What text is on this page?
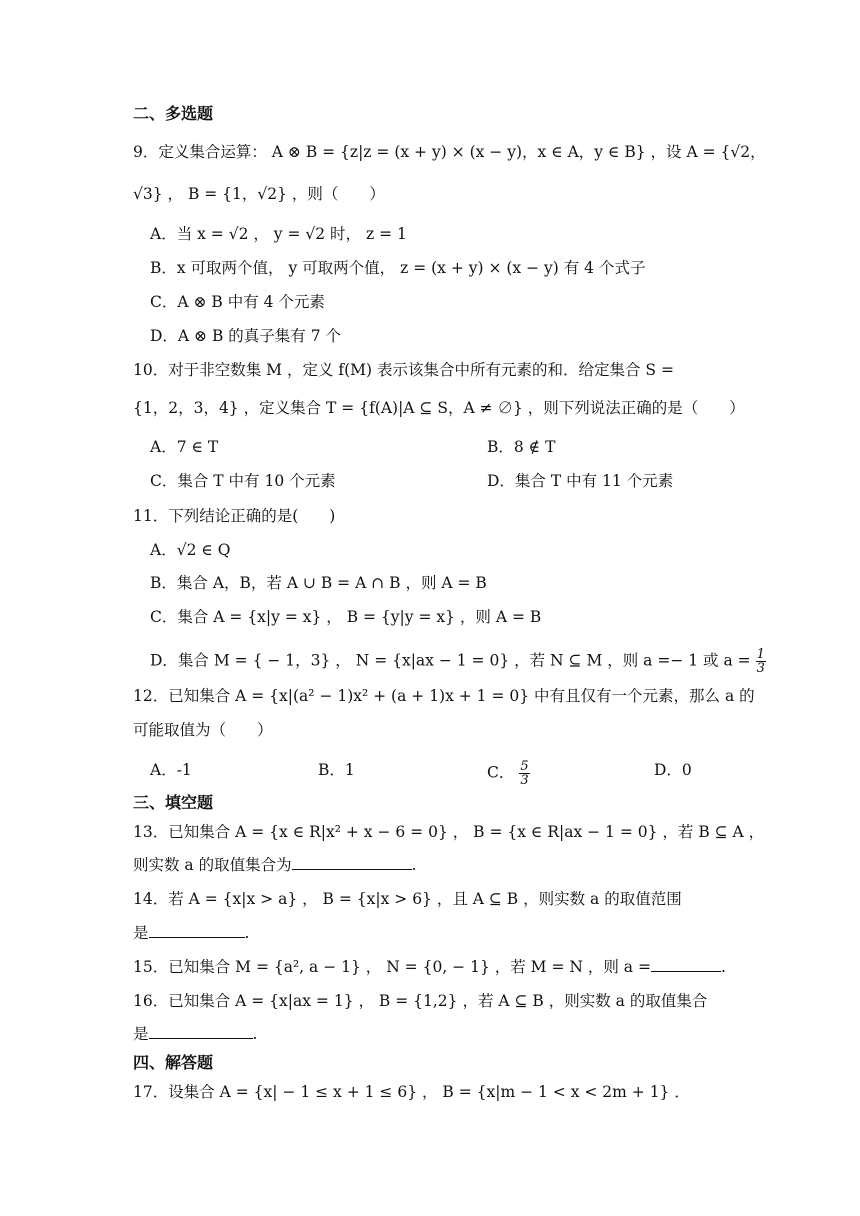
二、多选题
9．定义集合运算： A ⊗ B = {z|z = (x + y) × (x − y)，x ∈ A，y ∈ B} ，设 A = {√2，
√3} ， B = {1，√2} ，则（　　）
A．当 x = √2 ， y = √2 时， z = 1
B．x 可取两个值， y 可取两个值， z = (x + y) × (x − y) 有 4 个式子
C．A ⊗ B 中有 4 个元素
D．A ⊗ B 的真子集有 7 个
10．对于非空数集 M ，定义 f(M) 表示该集合中所有元素的和．给定集合 S =
{1，2，3，4} ，定义集合 T = {f(A)|A ⊆ S，A ≠ ∅} ，则下列说法正确的是（　　）
A．7 ∈ T	B．8 ∉ T
C．集合 T 中有 10 个元素	D．集合 T 中有 11 个元素
11．下列结论正确的是(　　)
A．√2 ∈ Q
B．集合 A，B，若 A ∪ B = A ∩ B ，则 A = B
C．集合 A = {x|y = x} ， B = {y|y = x} ，则 A = B
D．集合 M = { − 1，3} ， N = {x|ax − 1 = 0} ，若 N ⊆ M ，则 a =− 1 或 $a = \frac{1}{3}$
12．已知集合 A = {x|(a² − 1)x² + (a + 1)x + 1 = 0} 中有且仅有一个元素，那么 a 的
可能取值为（　　）
A．-1	B．1	C． $\frac{5}{3}$	D．0
三、填空题
13．已知集合 A = {x ∈ R|x² + x − 6 = 0} ， B = {x ∈ R|ax − 1 = 0} ，若 B ⊆ A ，
则实数 a 的取值集合为	.
14．若 A = {x|x > a} ， B = {x|x > 6} ，且 A ⊆ B ，则实数 a 的取值范围
是	.
15．已知集合 M = {a², a − 1} ， N = {0, − 1} ，若 M = N ，则 a =	.
16．已知集合 A = {x|ax = 1} ， B = {1,2} ，若 A ⊆ B ，则实数 a 的取值集合
是	.
四、解答题
17．设集合 A = {x| − 1 ≤ x + 1 ≤ 6} ， B = {x|m − 1 < x < 2m + 1} ．
